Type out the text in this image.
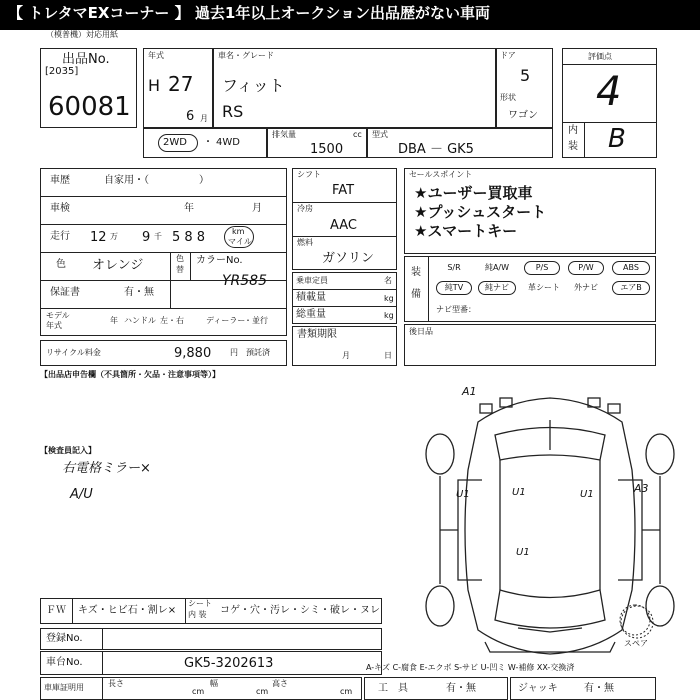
【 トレタマEXコーナー 】 過去1年以上オークション出品歴がない車両
（模普機）対応用紙
出品No.
[2035]
60081
年式
H 27
6 月
車名・グレード
フィット
RS
ドア
5
形状
ワゴン
評価点
4
内
装 B
2WD ・ 4WD
排気量	cc
1500
型式
DBA － GK5
車歴	自家用・（　　　　　）
車検	年	月
走行 12 万 9 千 5 8 8	km
マイル
色 オレンジ	色
替
カラーNo.
YR585
保証書	有・無
モデル
年式
年 ハンドル 左・右	ディーラー
・並行
シフト
FAT
冷房
AAC
燃料
ガソリン
乗車定員	名
積載量	kg
総重量	kg
書類期限
月	日
セールスポイント
★ユーザー買取車
★プッシュスタート
★スマートキー
装
備
S/R	純A/W	P/S	P/W	ABS
純TV	純ナビ	革シート	外ナビ	エアB
ナビ型番：
後日品
リサイクル料金	9,880 円 預託済
【出品店申告欄（不具箇所・欠品・注意事項等）】
【検査員記入】
右電格ミラー×
A/U
A1
A3
U1	U1	U1
U1
スペア
ＦＷ キズ・ヒビ石・割レ×
シート
内 装 コゲ・穴・汚レ・シミ・破レ・ヌレ
登録No.
車台No.	GK5-3202613
車庫証明用	長さ
cm
幅
cm
高さ
cm
A-キズ C-腐食 E-エクボ S-サビ U-凹ミ W-補修 XX-交換済
工　具	有・無	ジャッキ	有・無
